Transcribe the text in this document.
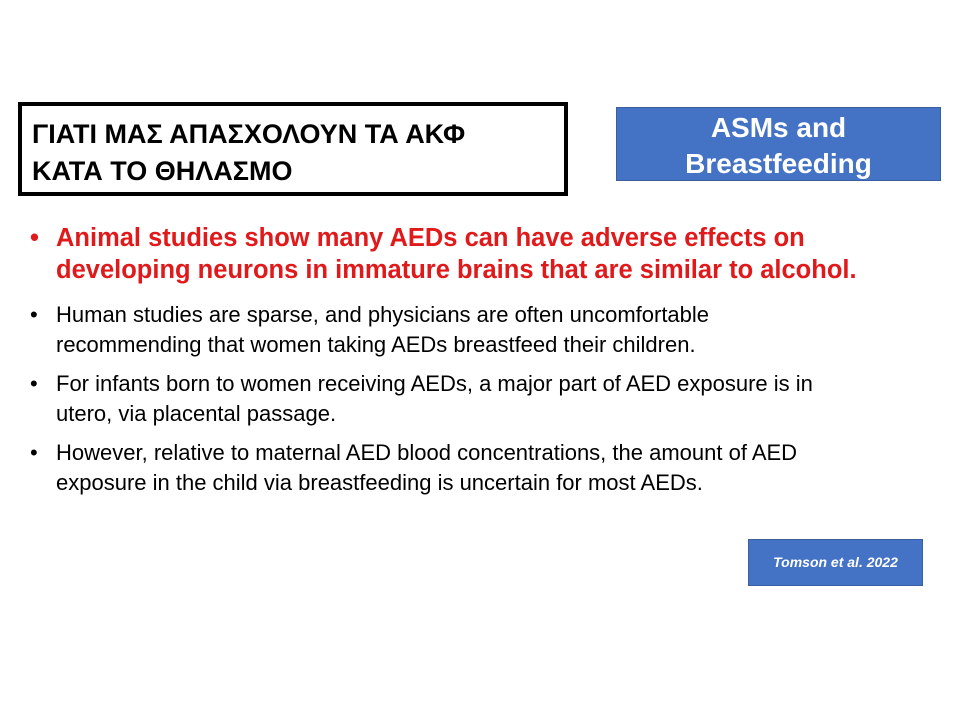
ΓΙΑΤΙ ΜΑΣ ΑΠΑΣΧΟΛΟΥΝ ΤΑ ΑΚΦ
ΚΑΤΑ ΤΟ ΘΗΛΑΣΜΟ
ASMs and
Breastfeeding
• Animal studies show many AEDs can have adverse effects on
developing neurons in immature brains that are similar to alcohol.
• Human studies are sparse, and physicians are often uncomfortable
recommending that women taking AEDs breastfeed their children.
• For infants born to women receiving AEDs, a major part of AED exposure is in
utero, via placental passage.
• However, relative to maternal AED blood concentrations, the amount of AED
exposure in the child via breastfeeding is uncertain for most AEDs.
Tomson et al. 2022
